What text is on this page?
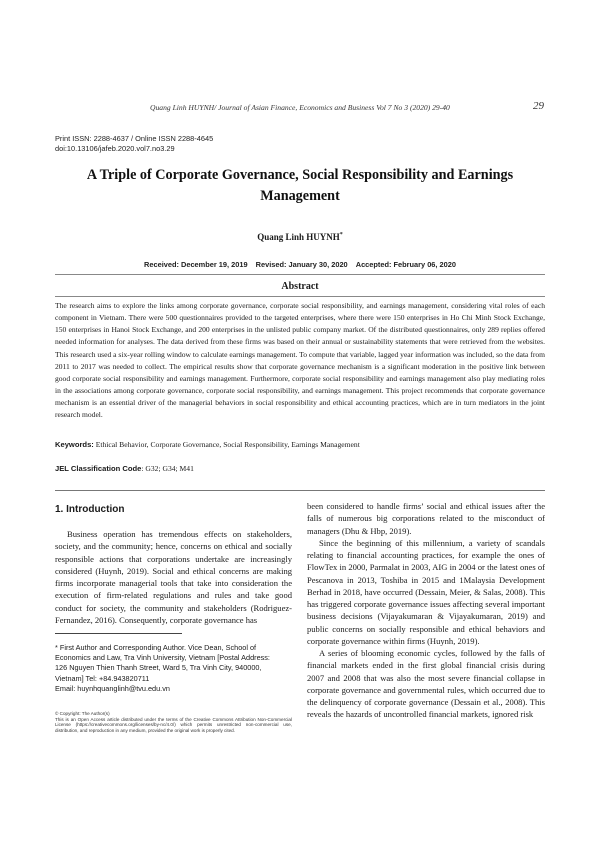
Quang Linh HUYNH/ Journal of Asian Finance, Economics and Business Vol 7 No 3 (2020) 29-40	29
Print ISSN: 2288-4637 / Online ISSN 2288-4645
doi:10.13106/jafeb.2020.vol7.no3.29
A Triple of Corporate Governance, Social Responsibility and Earnings Management
Quang Linh HUYNH*
Received: December 19, 2019 Revised: January 30, 2020 Accepted: February 06, 2020
Abstract

The research aims to explore the links among corporate governance, corporate social responsibility, and earnings management, considering vital roles of each component in Vietnam. There were 500 questionnaires provided to the targeted enterprises, where there were 150 enterprises in Ho Chi Minh Stock Exchange, 150 enterprises in Hanoi Stock Exchange, and 200 enterprises in the unlisted public company market. Of the distributed questionnaires, only 289 replies offered needed information for analyses. The data derived from these firms was based on their annual or sustainability statements that were retrieved from the websites. This research used a six-year rolling window to calculate earnings management. To compute that variable, lagged year information was included, so the data from 2011 to 2017 was needed to collect. The empirical results show that corporate governance mechanism is a significant moderation in the positive link between good corporate social responsibility and earnings management. Furthermore, corporate social responsibility and earnings management also play mediating roles in the associations among corporate governance, corporate social responsibility, and earnings management. This project recommends that corporate governance mechanism is an essential driver of the managerial behaviors in social responsibility and ethical accounting practices, which are in turn mediators in the joint research model.

Keywords: Ethical Behavior, Corporate Governance, Social Responsibility, Earnings Management
JEL Classification Code: G32; G34; M41
1. Introduction

Business operation has tremendous effects on stakeholders, society, and the community; hence, concerns on ethical and socially responsible actions that corporations undertake are increasingly considered (Huynh, 2019). Social and ethical concerns are making firms incorporate managerial tools that take into consideration the execution of firm-related regulations and rules and take good conduct for society, the community and stakeholders (Rodriguez-Fernandez, 2016). Consequently, corporate governance has

been considered to handle firms’ social and ethical issues after the falls of numerous big corporations related to the misconduct of managers (Dhu & Hbp, 2019).

Since the beginning of this millennium, a variety of scandals relating to financial accounting practices, for example the ones of FlowTex in 2000, Parmalat in 2003, AIG in 2004 or the latest ones of Pescanova in 2013, Toshiba in 2015 and 1Malaysia Development Berhad in 2018, have occurred (Dessain, Meier, & Salas, 2008). This has triggered corporate governance issues affecting several important business decisions (Vijayakumaran & Vijayakumaran, 2019) and public concerns on socially responsible and ethical behaviors and corporate governance within firms (Huynh, 2019).

A series of blooming economic cycles, followed by the falls of financial markets ended in the first global financial crisis during 2007 and 2008 that was also the most severe financial collapse in corporate governance and governmental rules, which occurred due to the delinquency of corporate governance (Dessain et al., 2008). This reveals the hazards of uncontrolled financial markets, ignored risk

* First Author and Corresponding Author. Vice Dean, School of
Economics and Law, Tra Vinh University, Vietnam [Postal Address:
126 Nguyen Thien Thanh Street, Ward 5, Tra Vinh City, 940000,
Vietnam] Tel: +84.943820711
Email: huynhquanglinh@tvu.edu.vn
© Copyright: The Author(s)
This is an Open Access article distributed under the terms of the Creative Commons Attribution Non-Commercial License (https://creativecommons.org/licenses/by-nc/4.0/) which permits unrestricted non-commercial use, distribution, and reproduction in any medium, provided the original work is properly cited.
